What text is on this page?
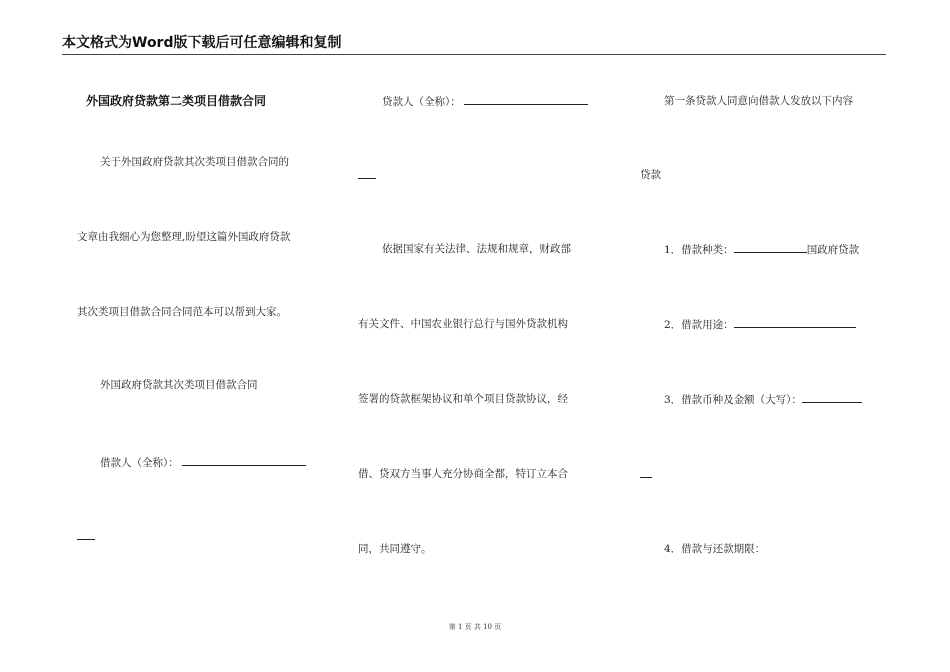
本文格式为Word版下载后可任意编辑和复制
外国政府贷款第二类项目借款合同
关于外国政府贷款其次类项目借款合同的
文章由我细心为您整理,盼望这篇外国政府贷款
其次类项目借款合同合同范本可以帮到大家。
外国政府贷款其次类项目借款合同
借款人（全称）：
贷款人（全称）：
依据国家有关法律、法规和规章，财政部
有关文件、中国农业银行总行与国外贷款机构
签署的贷款框架协议和单个项目贷款协议，经
借、贷双方当事人充分协商全都，特订立本合
同，共同遵守。
第一条贷款人同意向借款人发放以下内容
贷款
1．借款种类：	国政府贷款
2．借款用途：
3．借款币种及金额（大写）：
4．借款与还款期限：
第 1 页 共 10 页
